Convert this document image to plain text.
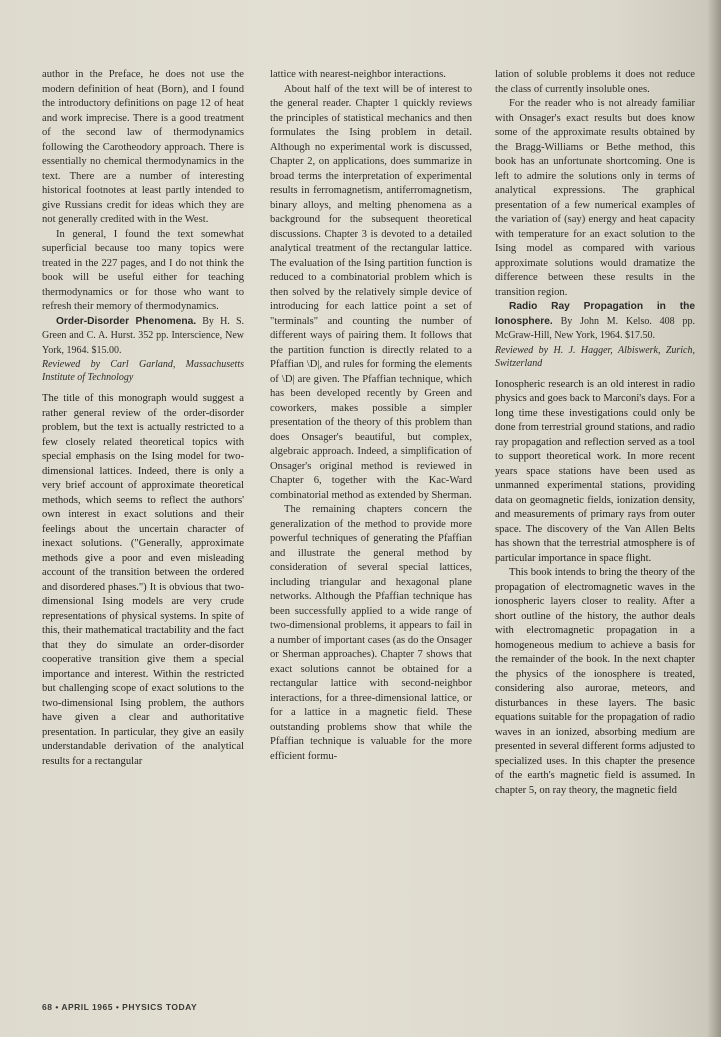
author in the Preface, he does not use the modern definition of heat (Born), and I found the introductory definitions on page 12 of heat and work imprecise. There is a good treatment of the second law of thermodynamics following the Carotheodory approach. There is essentially no chemical thermodynamics in the text. There are a number of interesting historical footnotes at least partly intended to give Russians credit for ideas which they are not generally credited with in the West.

In general, I found the text somewhat superficial because too many topics were treated in the 227 pages, and I do not think the book will be useful either for teaching thermodynamics or for those who want to refresh their memory of thermodynamics.

Order-Disorder Phenomena. By H. S. Green and C. A. Hurst. 352 pp. Interscience, New York, 1964. $15.00.

Reviewed by Carl Garland, Massachusetts Institute of Technology

The title of this monograph would suggest a rather general review of the order-disorder problem, but the text is actually restricted to a few closely related theoretical topics with special emphasis on the Ising model for two-dimensional lattices. Indeed, there is only a very brief account of approximate theoretical methods, which seems to reflect the authors' own interest in exact solutions and their feelings about the uncertain character of inexact solutions. ("Generally, approximate methods give a poor and even misleading account of the transition between the ordered and disordered phases.") It is obvious that two-dimensional Ising models are very crude representations of physical systems. In spite of this, their mathematical tractability and the fact that they do simulate an order-disorder cooperative transition give them a special importance and interest. Within the restricted but challenging scope of exact solutions to the two-dimensional Ising problem, the authors have given a clear and authoritative presentation. In particular, they give an easily understandable derivation of the analytical results for a rectangular

lattice with nearest-neighbor interactions.

About half of the text will be of interest to the general reader. Chapter 1 quickly reviews the principles of statistical mechanics and then formulates the Ising problem in detail. Although no experimental work is discussed, Chapter 2, on applications, does summarize in broad terms the interpretation of experimental results in ferromagnetism, antiferromagnetism, binary alloys, and melting phenomena as a background for the subsequent theoretical discussions. Chapter 3 is devoted to a detailed analytical treatment of the rectangular lattice. The evaluation of the Ising partition function is reduced to a combinatorial problem which is then solved by the relatively simple device of introducing for each lattice point a set of "terminals" and counting the number of different ways of pairing them. It follows that the partition function is directly related to a Pfaffian \D|, and rules for forming the elements of \D| are given. The Pfaffian technique, which has been developed recently by Green and coworkers, makes possible a simpler presentation of the theory of this problem than does Onsager's beautiful, but complex, algebraic approach. Indeed, a simplification of Onsager's original method is reviewed in Chapter 6, together with the Kac-Ward combinatorial method as extended by Sherman.

The remaining chapters concern the generalization of the method to provide more powerful techniques of generating the Pfaffian and illustrate the general method by consideration of several special lattices, including triangular and hexagonal plane networks. Although the Pfaffian technique has been successfully applied to a wide range of two-dimensional problems, it appears to fail in a number of important cases (as do the Onsager or Sherman approaches). Chapter 7 shows that exact solutions cannot be obtained for a rectangular lattice with second-neighbor interactions, for a three-dimensional lattice, or for a lattice in a magnetic field. These outstanding problems show that while the Pfaffian technique is valuable for the more efficient formu-

lation of soluble problems it does not reduce the class of currently insoluble ones.

For the reader who is not already familiar with Onsager's exact results but does know some of the approximate results obtained by the Bragg-Williams or Bethe method, this book has an unfortunate shortcoming. One is left to admire the solutions only in terms of analytical expressions. The graphical presentation of a few numerical examples of the variation of (say) energy and heat capacity with temperature for an exact solution to the Ising model as compared with various approximate solutions would dramatize the difference between these results in the transition region.

Radio Ray Propagation in the Ionosphere. By John M. Kelso. 408 pp. McGraw-Hill, New York, 1964. $17.50.

Reviewed by H. J. Hagger, Albiswerk, Zurich, Switzerland

Ionospheric research is an old interest in radio physics and goes back to Marconi's days. For a long time these investigations could only be done from terrestrial ground stations, and radio ray propagation and reflection served as a tool to support theoretical work. In more recent years space stations have been used as unmanned experimental stations, providing data on geomagnetic fields, ionization density, and measurements of primary rays from outer space. The discovery of the Van Allen Belts has shown that the terrestrial atmosphere is of particular importance in space flight.

This book intends to bring the theory of the propagation of electromagnetic waves in the ionospheric layers closer to reality. After a short outline of the history, the author deals with electromagnetic propagation in a homogeneous medium to achieve a basis for the remainder of the book. In the next chapter the physics of the ionosphere is treated, considering also aurorae, meteors, and disturbances in these layers. The basic equations suitable for the propagation of radio waves in an ionized, absorbing medium are presented in several different forms adjusted to specialized uses. In this chapter the presence of the earth's magnetic field is assumed. In chapter 5, on ray theory, the magnetic field

68 • APRIL 1965 • PHYSICS TODAY
